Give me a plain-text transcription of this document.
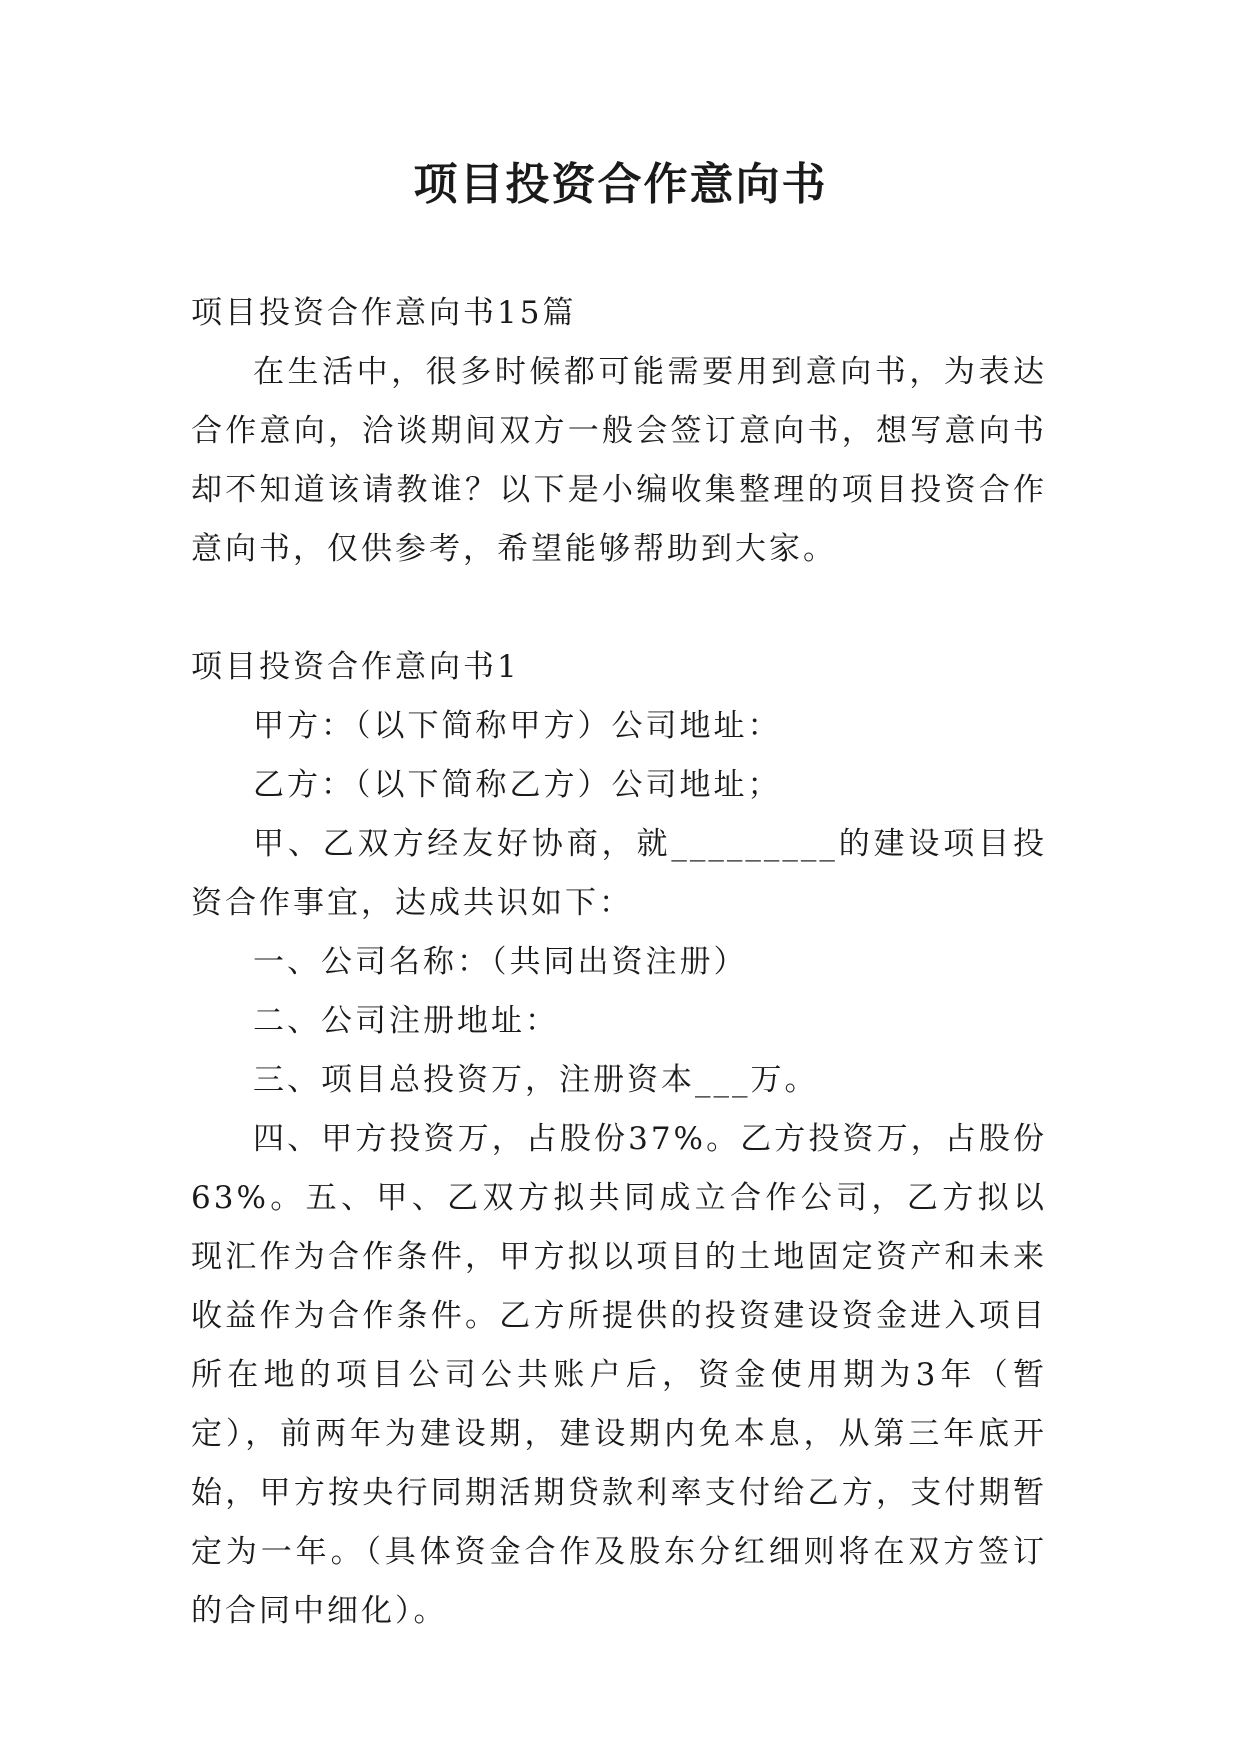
项目投资合作意向书

项目投资合作意向书15篇

在生活中，很多时候都可能需要用到意向书，为表达合作意向，洽谈期间双方一般会签订意向书，想写意向书却不知道该请教谁？以下是小编收集整理的项目投资合作意向书，仅供参考，希望能够帮助到大家。

项目投资合作意向书1

甲方：（以下简称甲方）公司地址：

乙方：（以下简称乙方）公司地址；

甲、乙双方经友好协商，就_________的建设项目投资合作事宜，达成共识如下：

一、公司名称：（共同出资注册）

二、公司注册地址：

三、项目总投资万，注册资本___万。

四、甲方投资万，占股份37%。乙方投资万，占股份63%。五、甲、乙双方拟共同成立合作公司，乙方拟以现汇作为合作条件，甲方拟以项目的土地固定资产和未来收益作为合作条件。乙方所提供的投资建设资金进入项目所在地的项目公司公共账户后，资金使用期为3年（暂定），前两年为建设期，建设期内免本息，从第三年底开始，甲方按央行同期活期贷款利率支付给乙方，支付期暂定为一年。（具体资金合作及股东分红细则将在双方签订的合同中细化）。
